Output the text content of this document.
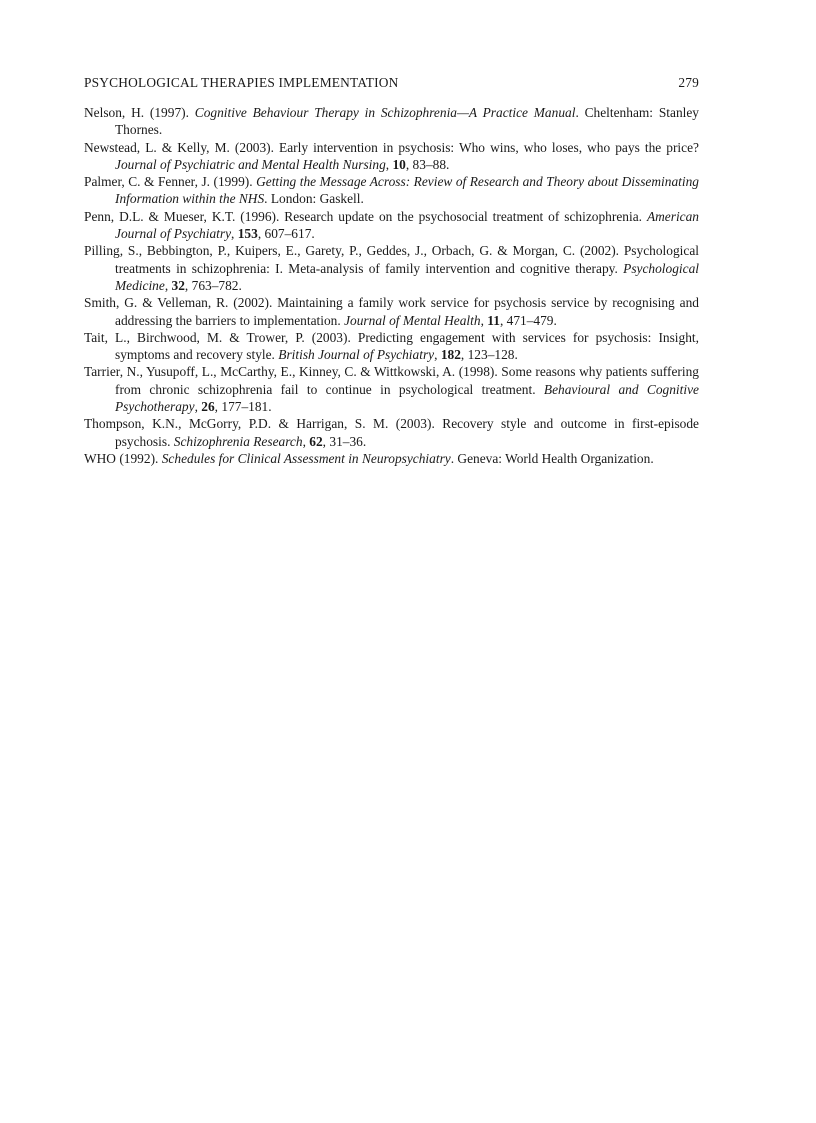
PSYCHOLOGICAL THERAPIES IMPLEMENTATION	279
Nelson, H. (1997). Cognitive Behaviour Therapy in Schizophrenia—A Practice Manual. Cheltenham: Stanley Thornes.
Newstead, L. & Kelly, M. (2003). Early intervention in psychosis: Who wins, who loses, who pays the price? Journal of Psychiatric and Mental Health Nursing, 10, 83–88.
Palmer, C. & Fenner, J. (1999). Getting the Message Across: Review of Research and Theory about Disseminating Information within the NHS. London: Gaskell.
Penn, D.L. & Mueser, K.T. (1996). Research update on the psychosocial treatment of schizophrenia. American Journal of Psychiatry, 153, 607–617.
Pilling, S., Bebbington, P., Kuipers, E., Garety, P., Geddes, J., Orbach, G. & Morgan, C. (2002). Psychological treatments in schizophrenia: I. Meta-analysis of family intervention and cognitive therapy. Psychological Medicine, 32, 763–782.
Smith, G. & Velleman, R. (2002). Maintaining a family work service for psychosis service by recognising and addressing the barriers to implementation. Journal of Mental Health, 11, 471–479.
Tait, L., Birchwood, M. & Trower, P. (2003). Predicting engagement with services for psychosis: Insight, symptoms and recovery style. British Journal of Psychiatry, 182, 123–128.
Tarrier, N., Yusupoff, L., McCarthy, E., Kinney, C. & Wittkowski, A. (1998). Some reasons why patients suffering from chronic schizophrenia fail to continue in psychological treatment. Behavioural and Cognitive Psychotherapy, 26, 177–181.
Thompson, K.N., McGorry, P.D. & Harrigan, S. M. (2003). Recovery style and outcome in first-episode psychosis. Schizophrenia Research, 62, 31–36.
WHO (1992). Schedules for Clinical Assessment in Neuropsychiatry. Geneva: World Health Organization.
